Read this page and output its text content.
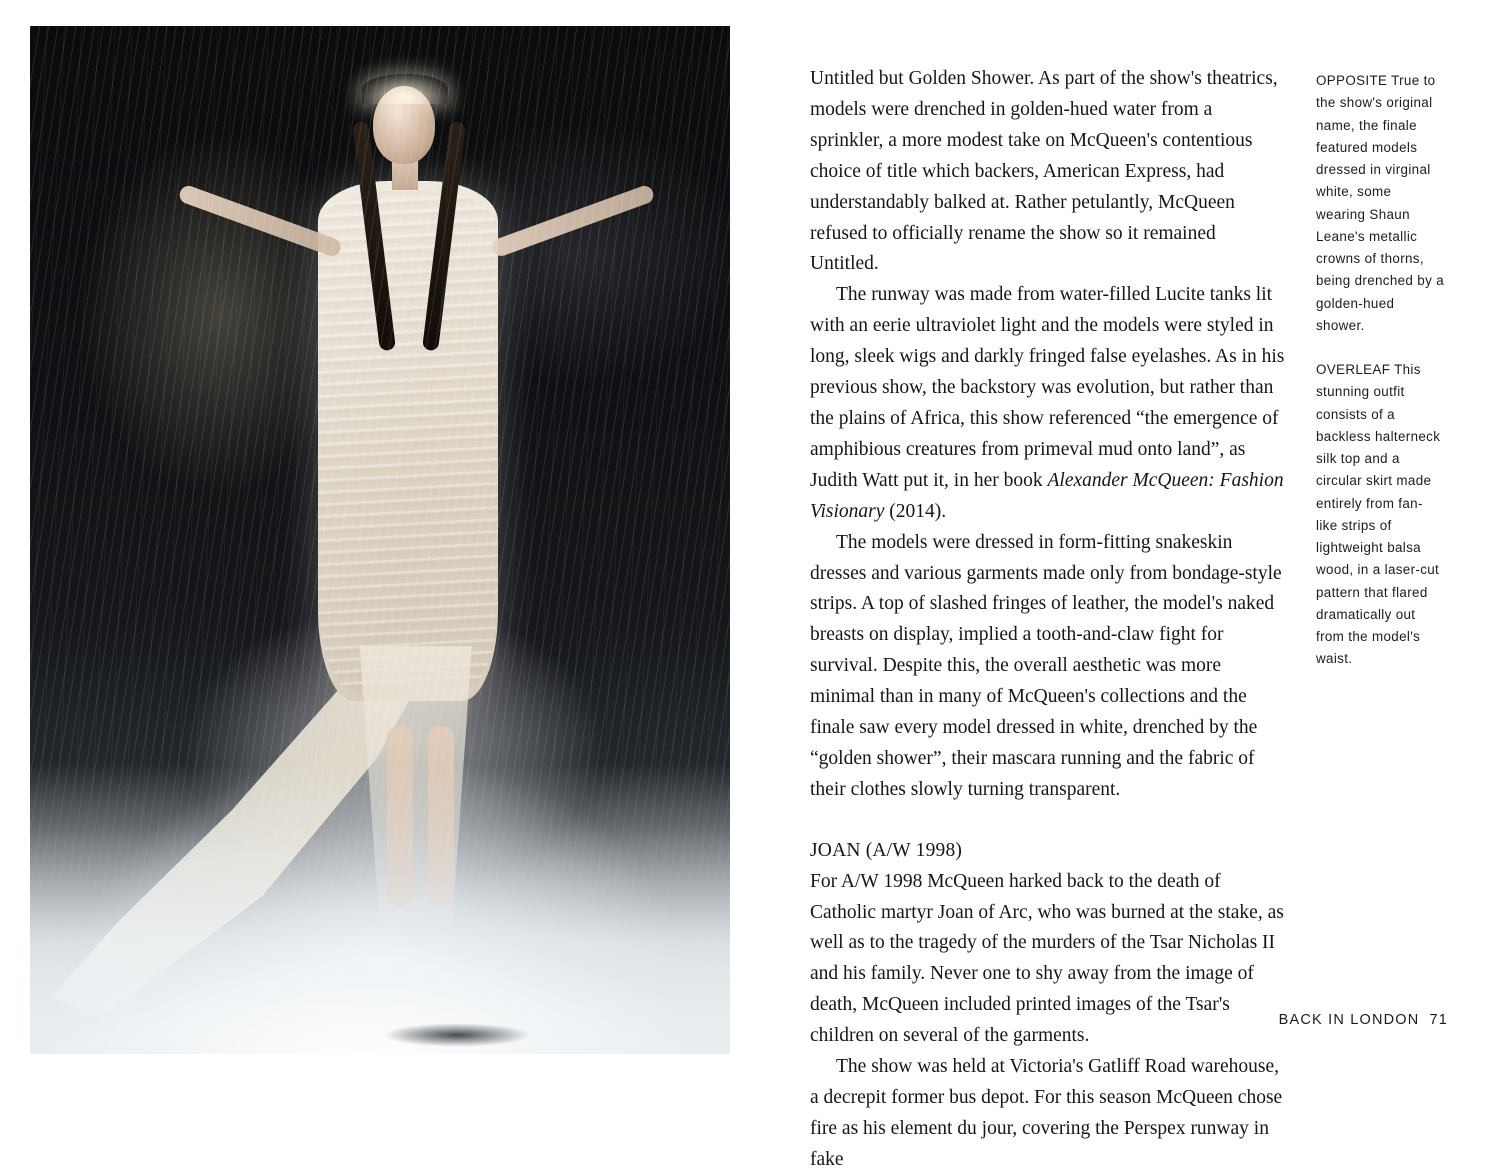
Untitled but Golden Shower. As part of the show's theatrics, models were drenched in golden-hued water from a sprinkler, a more modest take on McQueen's contentious choice of title which backers, American Express, had understandably balked at. Rather petulantly, McQueen refused to officially rename the show so it remained Untitled.

The runway was made from water-filled Lucite tanks lit with an eerie ultraviolet light and the models were styled in long, sleek wigs and darkly fringed false eyelashes. As in his previous show, the backstory was evolution, but rather than the plains of Africa, this show referenced “the emergence of amphibious creatures from primeval mud onto land”, as Judith Watt put it, in her book Alexander McQueen: Fashion Visionary (2014).

The models were dressed in form-fitting snakeskin dresses and various garments made only from bondage-style strips. A top of slashed fringes of leather, the model's naked breasts on display, implied a tooth-and-claw fight for survival. Despite this, the overall aesthetic was more minimal than in many of McQueen's collections and the finale saw every model dressed in white, drenched by the “golden shower”, their mascara running and the fabric of their clothes slowly turning transparent.

JOAN (A/W 1998)

For A/W 1998 McQueen harked back to the death of Catholic martyr Joan of Arc, who was burned at the stake, as well as to the tragedy of the murders of the Tsar Nicholas II and his family. Never one to shy away from the image of death, McQueen included printed images of the Tsar's children on several of the garments.

The show was held at Victoria's Gatliff Road warehouse, a decrepit former bus depot. For this season McQueen chose fire as his element du jour, covering the Perspex runway in fake

OPPOSITE True to the show's original name, the finale featured models dressed in virginal white, some wearing Shaun Leane's metallic crowns of thorns, being drenched by a golden-hued shower.

OVERLEAF This stunning outfit consists of a backless halterneck silk top and a circular skirt made entirely from fan-like strips of lightweight balsa wood, in a laser-cut pattern that flared dramatically out from the model's waist.

BACK IN LONDON 71
